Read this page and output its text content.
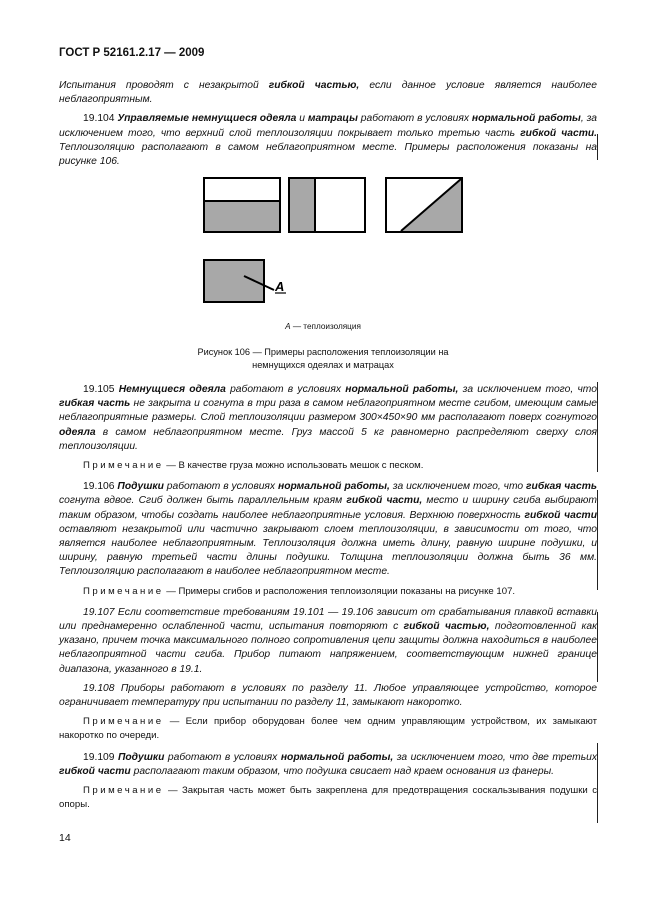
ГОСТ Р 52161.2.17 — 2009

Испытания проводят с незакрытой гибкой частью, если данное условие является наиболее неблагоприятным.

19.104 Управляемые немнущиеся одеяла и матрацы работают в условиях нормальной работы, за исключением того, что верхний слой теплоизоляции покрывает только третью часть гибкой части. Теплоизоляцию располагают в самом неблагоприятном месте. Примеры расположения показаны на рисунке 106.

A
А — теплоизоляция
Рисунок 106 — Примеры расположения теплоизоляции на немнущихся одеялах и матрацах

19.105 Немнущиеся одеяла работают в условиях нормальной работы, за исключением того, что гибкая часть не закрыта и согнута в три раза в самом неблагоприятном месте сгибом, имеющим самые неблагоприятные размеры. Слой теплоизоляции размером 300×450×90 мм располагают поверх согнутого одеяла в самом неблагоприятном месте. Груз массой 5 кг равномерно распределяют сверху слоя теплоизоляции.

Примечание — В качестве груза можно использовать мешок с песком.

19.106 Подушки работают в условиях нормальной работы, за исключением того, что гибкая часть согнута вдвое. Сгиб должен быть параллельным краям гибкой части, место и ширину сгиба выбирают таким образом, чтобы создать наиболее неблагоприятные условия. Верхнюю поверхность гибкой части оставляют незакрытой или частично закрывают слоем теплоизоляции, в зависимости от того, что является наиболее неблагоприятным. Теплоизоляция должна иметь длину, равную ширине подушки, и ширину, равную третьей части длины подушки. Толщина теплоизоляции должна быть 36 мм. Теплоизоляцию располагают в наиболее неблагоприятном месте.

Примечание — Примеры сгибов и расположения теплоизоляции показаны на рисунке 107.

19.107 Если соответствие требованиям 19.101 — 19.106 зависит от срабатывания плавкой вставки или преднамеренно ослабленной части, испытания повторяют с гибкой частью, подготовленной как указано, причем точка максимального полного сопротивления цепи защиты должна находиться в наиболее неблагоприятной части сгиба. Прибор питают напряжением, соответствующим нижней границе диапазона, указанного в 19.1.

19.108 Приборы работают в условиях по разделу 11. Любое управляющее устройство, которое ограничивает температуру при испытании по разделу 11, замыкают накоротко.

Примечание — Если прибор оборудован более чем одним управляющим устройством, их замыкают накоротко по очереди.

19.109 Подушки работают в условиях нормальной работы, за исключением того, что две третьих гибкой части располагают таким образом, что подушка свисает над краем основания из фанеры.

Примечание — Закрытая часть может быть закреплена для предотвращения соскальзывания подушки с опоры.

14
